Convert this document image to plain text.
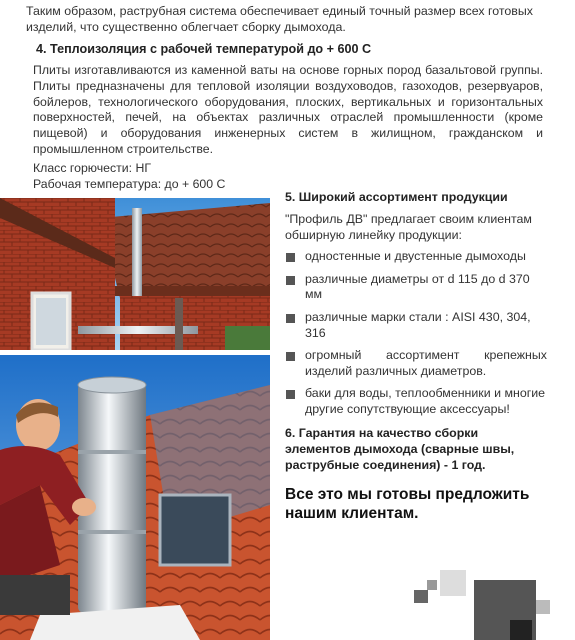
Таким образом, раструбная система обеспечивает единый точный размер всех готовых изделий, что существенно облегчает сборку дымохода.
4. Теплоизоляция с рабочей температурой до + 600 С
Плиты изготавливаются из каменной ваты на основе горных пород базальтовой группы. Плиты предназначены для тепловой изоляции воздуховодов, газоходов, резервуаров, бойлеров, технологического оборудования, плоских, вертикальных и горизонтальных поверхностей, печей, на объектах различных отраслей промышленности (кроме пищевой) и оборудования инженерных систем в жилищном, гражданском и промышленном строительстве.
Класс горючести: НГ
Рабочая температура: до + 600 С
5. Широкий ассортимент продукции
"Профиль ДВ" предлагает своим клиентам обширную линейку продукции:
одностенные и двустенные дымоходы
различные диаметры от d 115 до d 370 мм
различные марки стали : AISI 430, 304, 316
огромный ассортимент крепежных изделий различных диаметров.
баки для воды, теплообменники и многие другие сопутствующие аксессуары!
6. Гарантия на качество сборки элементов дымохода (сварные швы, раструбные соединения) - 1 год.
Все это мы готовы предложить нашим клиентам.
